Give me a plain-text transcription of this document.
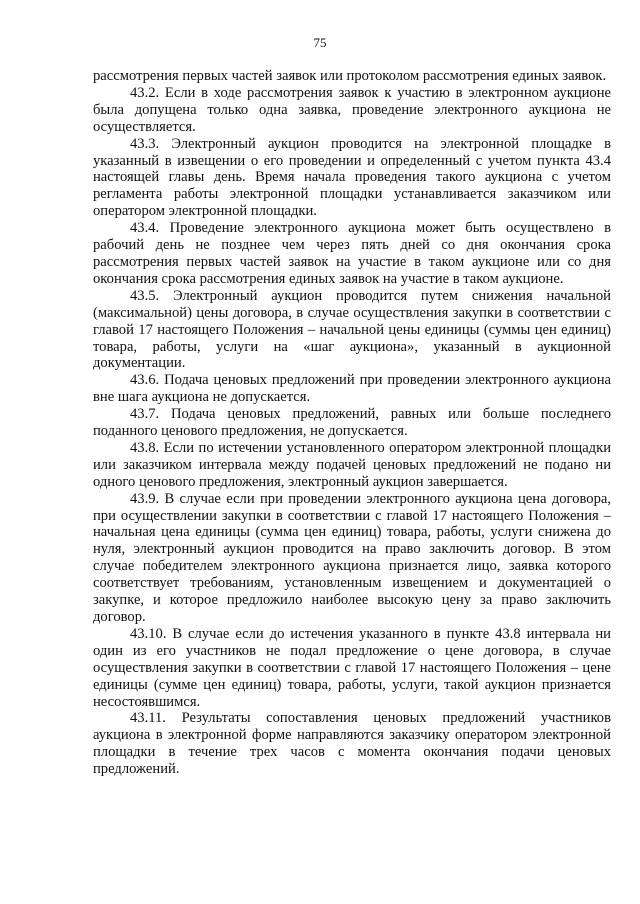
75

рассмотрения первых частей заявок или протоколом рассмотрения единых заявок.

43.2. Если в ходе рассмотрения заявок к участию в электронном аукционе была допущена только одна заявка, проведение электронного аукциона не осуществляется.

43.3. Электронный аукцион проводится на электронной площадке в указанный в извещении о его проведении и определенный с учетом пункта 43.4 настоящей главы день. Время начала проведения такого аукциона с учетом регламента работы электронной площадки устанавливается заказчиком или оператором электронной площадки.

43.4. Проведение электронного аукциона может быть осуществлено в рабочий день не позднее чем через пять дней со дня окончания срока рассмотрения первых частей заявок на участие в таком аукционе или со дня окончания срока рассмотрения единых заявок на участие в таком аукционе.

43.5. Электронный аукцион проводится путем снижения начальной (максимальной) цены договора, в случае осуществления закупки в соответствии с главой 17 настоящего Положения – начальной цены единицы (суммы цен единиц) товара, работы, услуги на «шаг аукциона», указанный в аукционной документации.

43.6. Подача ценовых предложений при проведении электронного аукциона вне шага аукциона не допускается.

43.7. Подача ценовых предложений, равных или больше последнего поданного ценового предложения, не допускается.

43.8. Если по истечении установленного оператором электронной площадки или заказчиком интервала между подачей ценовых предложений не подано ни одного ценового предложения, электронный аукцион завершается.

43.9. В случае если при проведении электронного аукциона цена договора, при осуществлении закупки в соответствии с главой 17 настоящего Положения – начальная цена единицы (сумма цен единиц) товара, работы, услуги снижена до нуля, электронный аукцион проводится на право заключить договор. В этом случае победителем электронного аукциона признается лицо, заявка которого соответствует требованиям, установленным извещением и документацией о закупке, и которое предложило наиболее высокую цену за право заключить договор.

43.10. В случае если до истечения указанного в пункте 43.8 интервала ни один из его участников не подал предложение о цене договора, в случае осуществления закупки в соответствии с главой 17 настоящего Положения – цене единицы (сумме цен единиц) товара, работы, услуги, такой аукцион признается несостоявшимся.

43.11. Результаты сопоставления ценовых предложений участников аукциона в электронной форме направляются заказчику оператором электронной площадки в течение трех часов с момента окончания подачи ценовых предложений.
